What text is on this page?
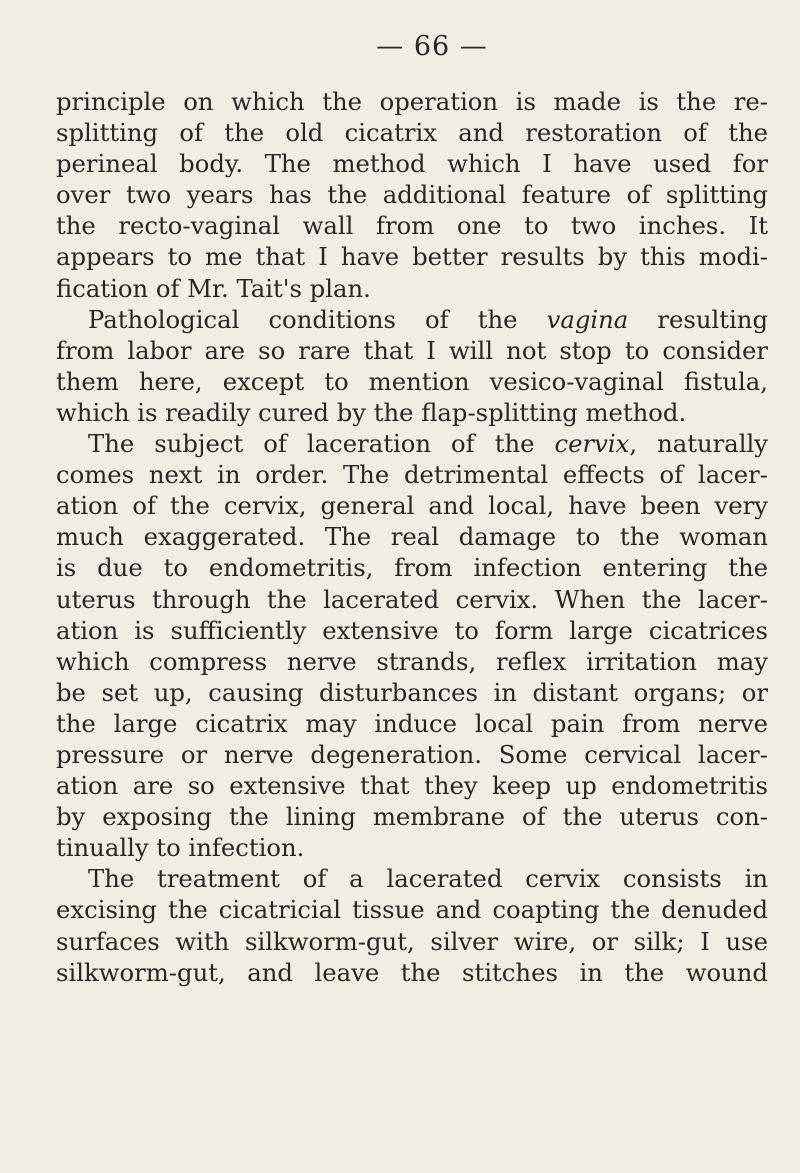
— 66 —
principle on which the operation is made is the re-
splitting of the old cicatrix and restoration of the
perineal body. The method which I have used for
over two years has the additional feature of splitting
the recto-vaginal wall from one to two inches. It
appears to me that I have better results by this modi-
fication of Mr. Tait's plan.
Pathological conditions of the vagina resulting
from labor are so rare that I will not stop to consider
them here, except to mention vesico-vaginal fistula,
which is readily cured by the flap-splitting method.
The subject of laceration of the cervix, naturally
comes next in order. The detrimental effects of lacer-
ation of the cervix, general and local, have been very
much exaggerated. The real damage to the woman
is due to endometritis, from infection entering the
uterus through the lacerated cervix. When the lacer-
ation is sufficiently extensive to form large cicatrices
which compress nerve strands, reflex irritation may
be set up, causing disturbances in distant organs; or
the large cicatrix may induce local pain from nerve
pressure or nerve degeneration. Some cervical lacer-
ation are so extensive that they keep up endometritis
by exposing the lining membrane of the uterus con-
tinually to infection.
The treatment of a lacerated cervix consists in
excising the cicatricial tissue and coapting the denuded
surfaces with silkworm-gut, silver wire, or silk; I use
silkworm-gut, and leave the stitches in the wound
